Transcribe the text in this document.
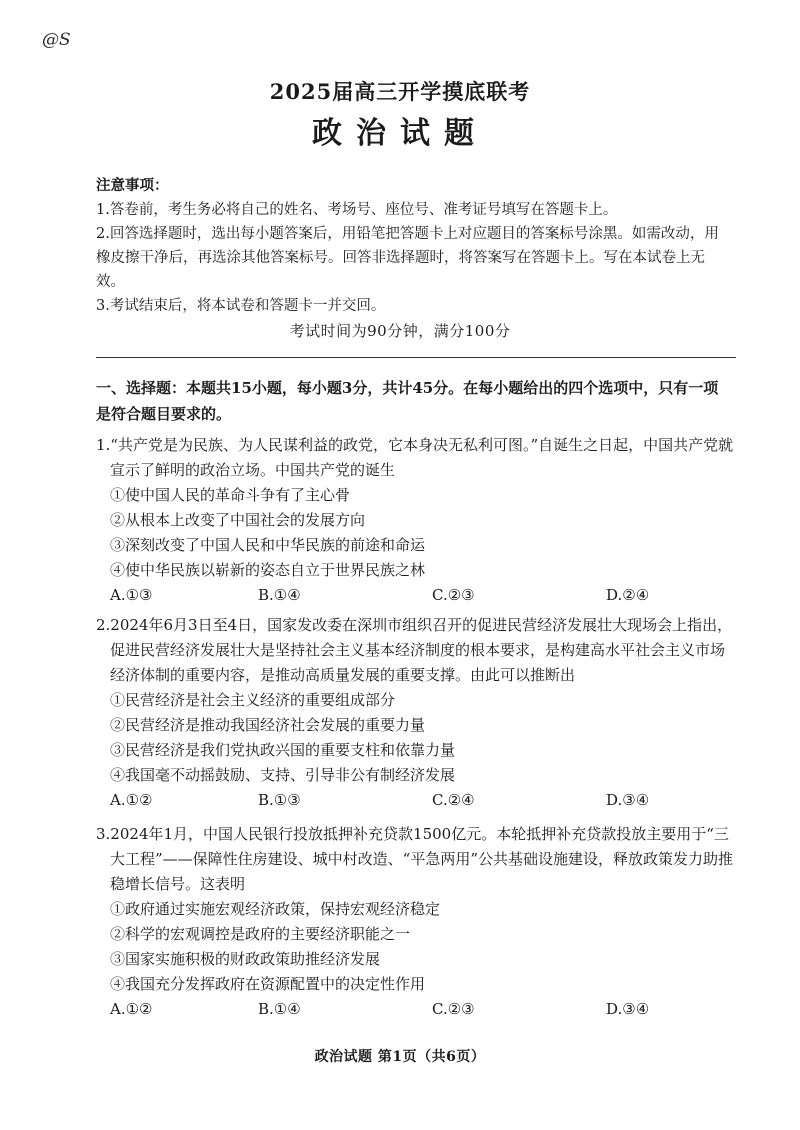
@S
2025届高三开学摸底联考
政治试题

注意事项：

1.答卷前，考生务必将自己的姓名、考场号、座位号、准考证号填写在答题卡上。

2.回答选择题时，选出每小题答案后，用铅笔把答题卡上对应题目的答案标号涂黑。如需改动，用橡皮擦干净后，再选涂其他答案标号。回答非选择题时，将答案写在答题卡上。写在本试卷上无效。

3.考试结束后，将本试卷和答题卡一并交回。

考试时间为90分钟，满分100分
一、选择题：本题共15小题，每小题3分，共计45分。在每小题给出的四个选项中，只有一项是符合题目要求的。

1.“共产党是为民族、为人民谋利益的政党，它本身决无私利可图。”自诞生之日起，中国共产党就宣示了鲜明的政治立场。中国共产党的诞生

①使中国人民的革命斗争有了主心骨

②从根本上改变了中国社会的发展方向

③深刻改变了中国人民和中华民族的前途和命运

④使中华民族以崭新的姿态自立于世界民族之林

A.①③	B.①④	C.②③	D.②④

2.2024年6月3日至4日，国家发改委在深圳市组织召开的促进民营经济发展壮大现场会上指出，促进民营经济发展壮大是坚持社会主义基本经济制度的根本要求，是构建高水平社会主义市场经济体制的重要内容，是推动高质量发展的重要支撑。由此可以推断出

①民营经济是社会主义经济的重要组成部分

②民营经济是推动我国经济社会发展的重要力量

③民营经济是我们党执政兴国的重要支柱和依靠力量

④我国毫不动摇鼓励、支持、引导非公有制经济发展

A.①②	B.①③	C.②④	D.③④

3.2024年1月，中国人民银行投放抵押补充贷款1500亿元。本轮抵押补充贷款投放主要用于“三大工程”——保障性住房建设、城中村改造、“平急两用”公共基础设施建设，释放政策发力助推稳增长信号。这表明

①政府通过实施宏观经济政策，保持宏观经济稳定

②科学的宏观调控是政府的主要经济职能之一

③国家实施积极的财政政策助推经济发展

④我国充分发挥政府在资源配置中的决定性作用

A.①②	B.①④	C.②③	D.③④
政治试题 第1页（共6页）
